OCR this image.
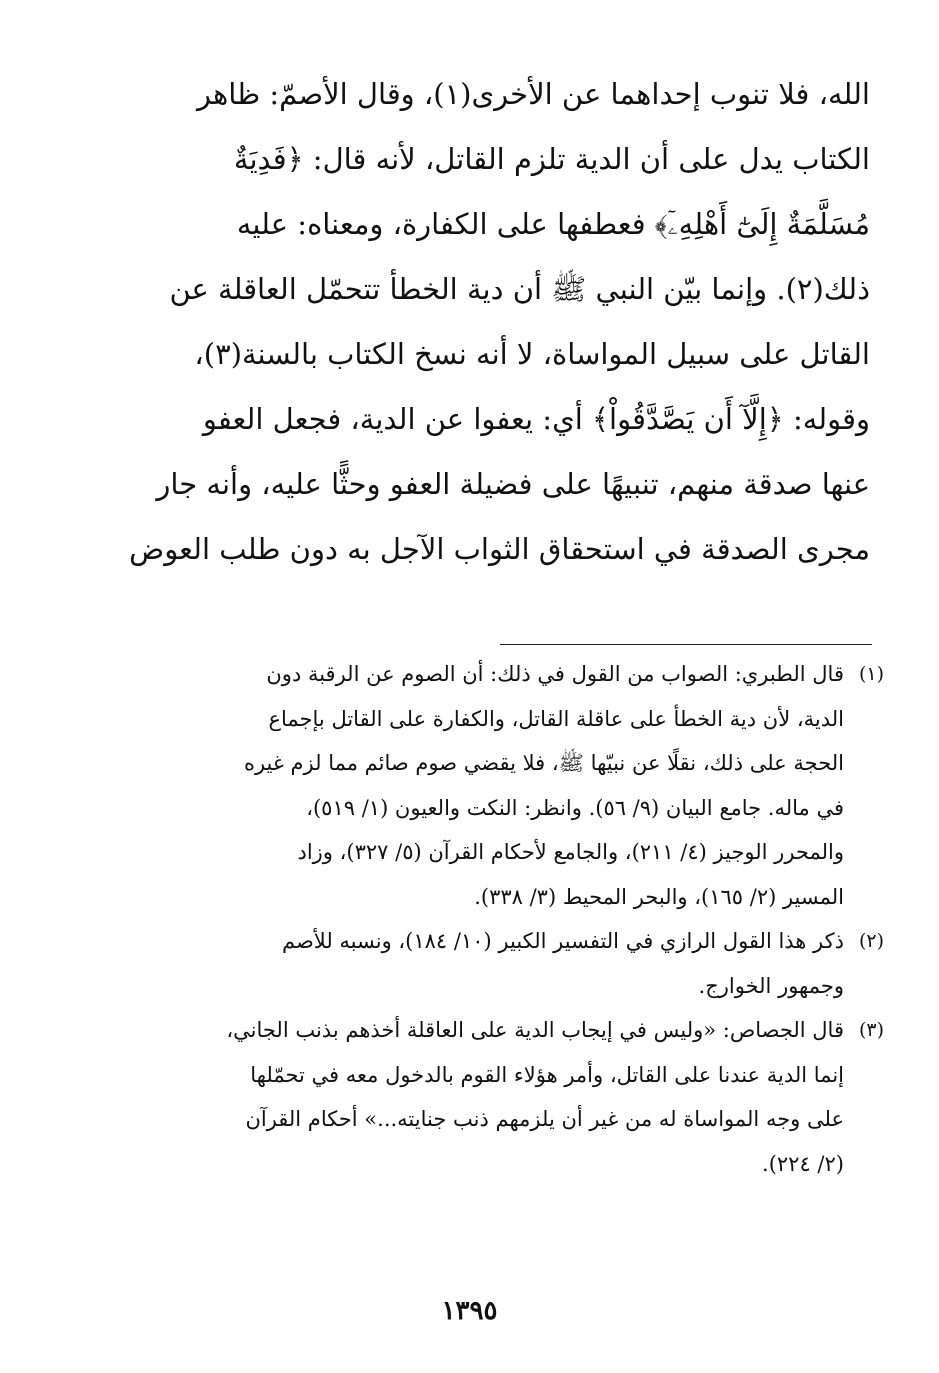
الله، فلا تنوب إحداهما عن الأخرى(١)، وقال الأصمّ: ظاهر
الكتاب يدل على أن الدية تلزم القاتل، لأنه قال: ﴿فَدِيَةٌ
مُسَلَّمَةٌ إِلَىٰٓ أَهْلِهِۦٓ﴾ فعطفها على الكفارة، ومعناه: عليه
ذلك(٢). وإنما بيّن النبي ﷺ أن دية الخطأ تتحمّل العاقلة عن
القاتل على سبيل المواساة، لا أنه نسخ الكتاب بالسنة(٣)،
وقوله: ﴿إِلَّآ أَن يَصَّدَّقُواْ﴾ أي: يعفوا عن الدية، فجعل العفو
عنها صدقة منهم، تنبيهًا على فضيلة العفو وحثًّا عليه، وأنه جار
مجرى الصدقة في استحقاق الثواب الآجل به دون طلب العوض
(١)
قال الطبري: الصواب من القول في ذلك: أن الصوم عن الرقبة دون
الدية، لأن دية الخطأ على عاقلة القاتل، والكفارة على القاتل بإجماع
الحجة على ذلك، نقلًا عن نبيّها ﷺ، فلا يقضي صوم صائم مما لزم غيره
في ماله. جامع البيان (٩/ ٥٦). وانظر: النكت والعيون (١/ ٥١٩)،
والمحرر الوجيز (٤/ ٢١١)، والجامع لأحكام القرآن (٥/ ٣٢٧)، وزاد
المسير (٢/ ١٦٥)، والبحر المحيط (٣/ ٣٣٨).
(٢)
ذكر هذا القول الرازي في التفسير الكبير (١٠/ ١٨٤)، ونسبه للأصم
وجمهور الخوارج.
(٣)
قال الجصاص: «وليس في إيجاب الدية على العاقلة أخذهم بذنب الجاني،
إنما الدية عندنا على القاتل، وأمر هؤلاء القوم بالدخول معه في تحمّلها
على وجه المواساة له من غير أن يلزمهم ذنب جنايته...» أحكام القرآن
(٢/ ٢٢٤).
١٣٩٥
